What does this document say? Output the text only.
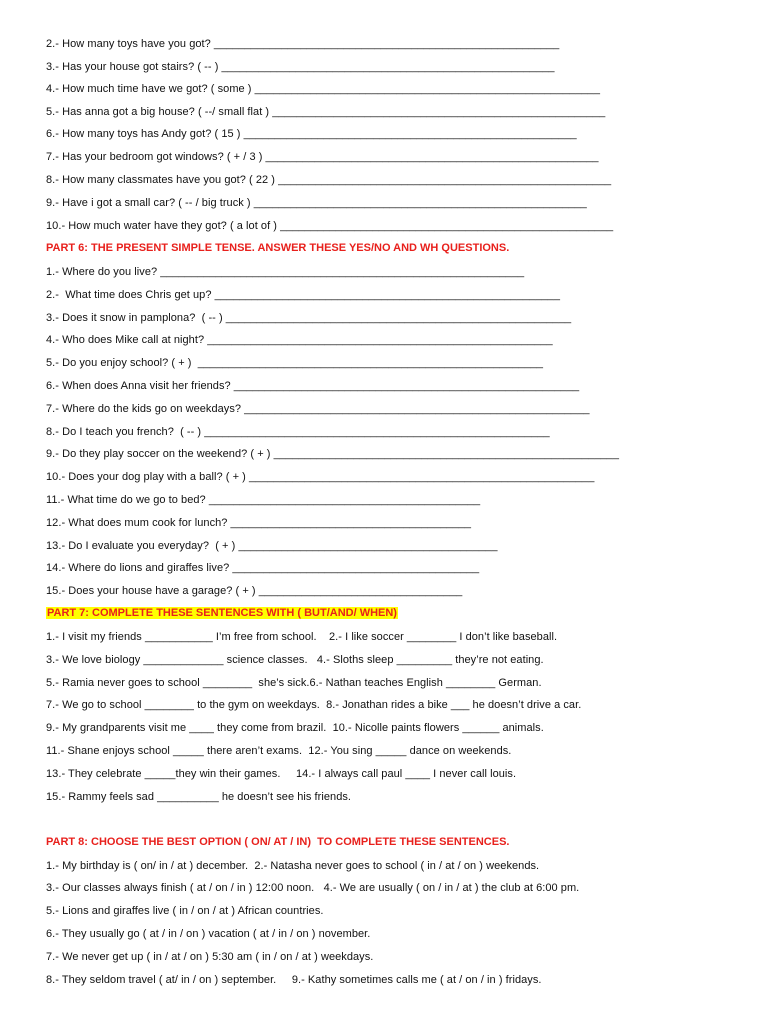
2.- How many toys have you got? ________________________________________________________
3.- Has your house got stairs? ( -- ) ______________________________________________________
4.- How much time have we got? ( some ) ________________________________________________________
5.- Has anna got a big house? ( --/ small flat ) ______________________________________________________
6.- How many toys has Andy got? ( 15 ) ______________________________________________________
7.- Has your bedroom got windows? ( + / 3 ) ______________________________________________________
8.- How many classmates have you got? ( 22 ) ______________________________________________________
9.- Have i got a small car? ( -- / big truck ) ______________________________________________________
10.- How much water have they got? ( a lot of ) ______________________________________________________
PART 6: THE PRESENT SIMPLE TENSE. ANSWER THESE YES/NO AND WH QUESTIONS.
1.- Where do you live? ___________________________________________________________
2.-  What time does Chris get up? ________________________________________________________
3.- Does it snow in pamplona?  ( -- ) ________________________________________________________
4.- Who does Mike call at night? ________________________________________________________
5.- Do you enjoy school? ( + )  ________________________________________________________
6.- When does Anna visit her friends? ________________________________________________________
7.- Where do the kids go on weekdays? ________________________________________________________
8.- Do I teach you french?  ( -- ) ________________________________________________________
9.- Do they play soccer on the weekend? ( + ) ________________________________________________________
10.- Does your dog play with a ball? ( + ) ________________________________________________________
11.- What time do we go to bed? ____________________________________________
12.- What does mum cook for lunch? _______________________________________
13.- Do I evaluate you everyday?  ( + ) __________________________________________
14.- Where do lions and giraffes live? ________________________________________
15.- Does your house have a garage? ( + ) _________________________________
PART 7: COMPLETE THESE SENTENCES WITH ( BUT/AND/ WHEN)
1.- I visit my friends ___________ I’m free from school.    2.- I like soccer ________ I don’t like baseball.
3.- We love biology _____________ science classes.   4.- Sloths sleep _________ they’re not eating.
5.- Ramia never goes to school ________  she’s sick.6.- Nathan teaches English ________ German.
7.- We go to school ________ to the gym on weekdays.  8.- Jonathan rides a bike ___ he doesn’t drive a car.
9.- My grandparents visit me ____ they come from brazil.  10.- Nicolle paints flowers ______ animals.
11.- Shane enjoys school _____ there aren’t exams.  12.- You sing _____ dance on weekends.
13.- They celebrate _____they win their games.     14.- I always call paul ____ I never call louis.
15.- Rammy feels sad __________ he doesn’t see his friends.
PART 8: CHOOSE THE BEST OPTION ( ON/ AT / IN)  TO COMPLETE THESE SENTENCES.
1.- My birthday is ( on/ in / at ) december.  2.- Natasha never goes to school ( in / at / on ) weekends.
3.- Our classes always finish ( at / on / in ) 12:00 noon.   4.- We are usually ( on / in / at ) the club at 6:00 pm.
5.- Lions and giraffes live ( in / on / at ) African countries.
6.- They usually go ( at / in / on ) vacation ( at / in / on ) november.
7.- We never get up ( in / at / on ) 5:30 am ( in / on / at ) weekdays.
8.- They seldom travel ( at/ in / on ) september.     9.- Kathy sometimes calls me ( at / on / in ) fridays.
